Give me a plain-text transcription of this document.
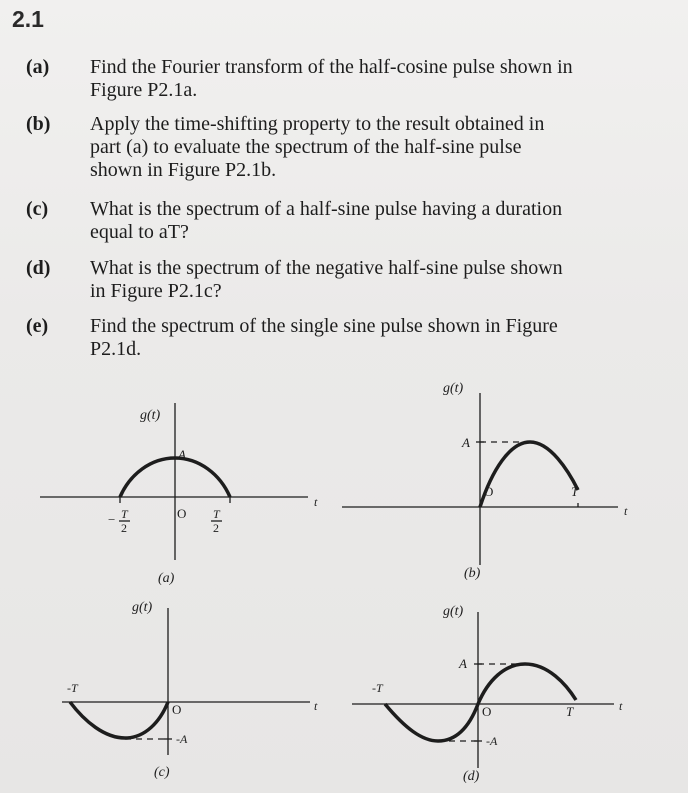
2.1
(a) Find the Fourier transform of the half-cosine pulse shown in
Figure P2.1a.
(b) Apply the time-shifting property to the result obtained in
part (a) to evaluate the spectrum of the half-sine pulse
shown in Figure P2.1b.
(c) What is the spectrum of a half-sine pulse having a duration
equal to aT?
(d) What is the spectrum of the negative half-sine pulse shown
in Figure P2.1c?
(e) Find the spectrum of the single sine pulse shown in Figure
P2.1d.
g(t)
A
O
t
− T
2
T
2
(a)
g(t)
A
O	T
t
(b)
g(t)
-T
O
-A
t
(c)
g(t)
A
-T
O	T
-A
t
(d)
